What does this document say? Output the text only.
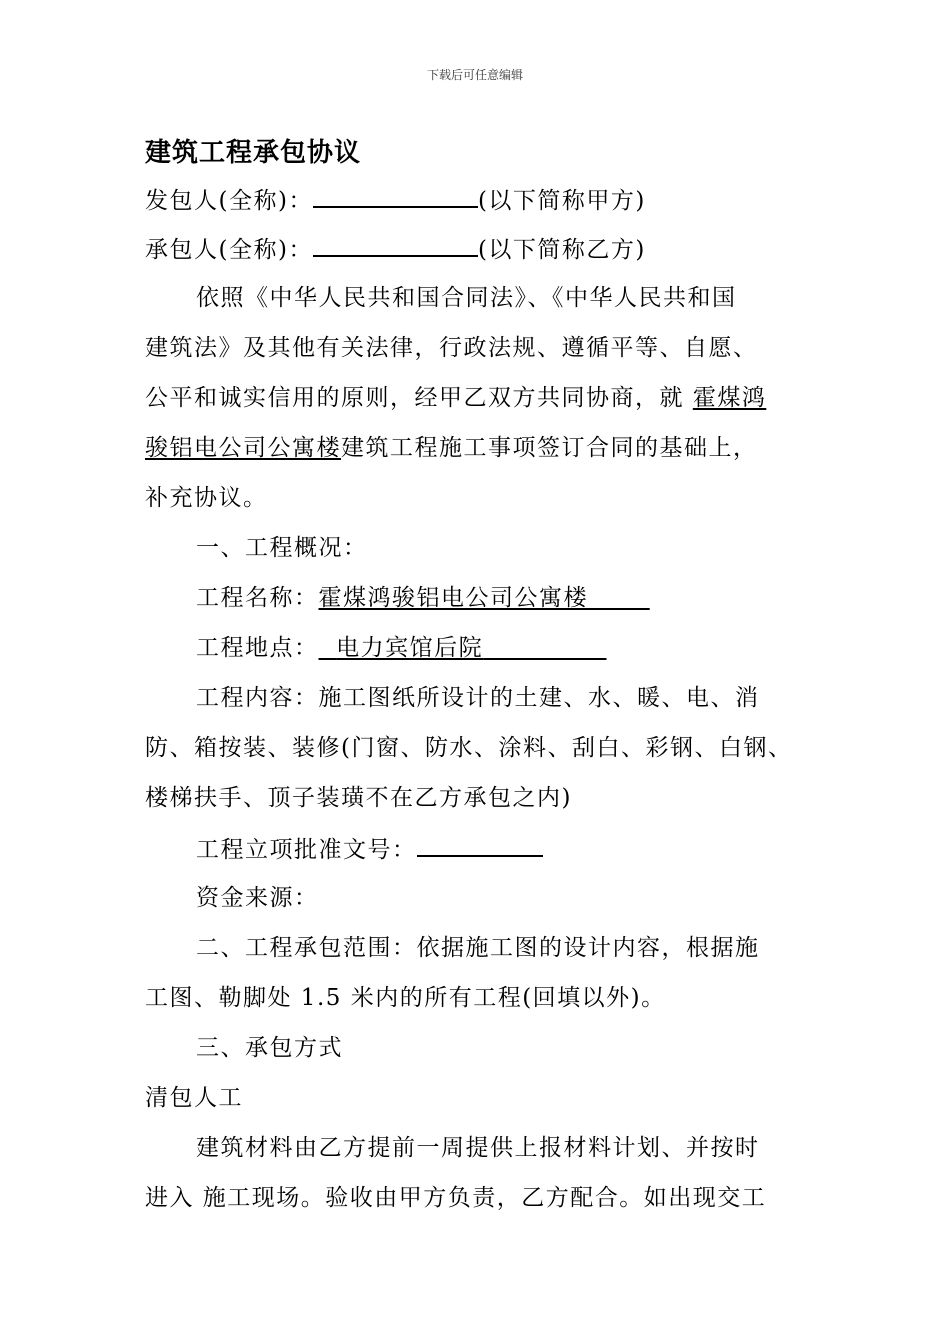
下载后可任意编辑
建筑工程承包协议
发包人(全称)：	(以下简称甲方)
承包人(全称)：	(以下简称乙方)
依照《中华人民共和国合同法》、《中华人民共和国
建筑法》及其他有关法律，行政法规、遵循平等、自愿、
公平和诚实信用的原则，经甲乙双方共同协商，就 霍煤鸿
骏铝电公司公寓楼建筑工程施工事项签订合同的基础上，
补充协议。
一、工程概况：
工程名称：霍煤鸿骏铝电公司公寓楼
工程地点： 电力宾馆后院
工程内容：施工图纸所设计的土建、水、暖、电、消
防、箱按装、装修(门窗、防水、涂料、刮白、彩钢、白钢、
楼梯扶手、顶子装璜不在乙方承包之内)
工程立项批准文号：
资金来源：
二、工程承包范围：依据施工图的设计内容，根据施
工图、勒脚处 1.5 米内的所有工程(回填以外)。
三、承包方式
清包人工
建筑材料由乙方提前一周提供上报材料计划、并按时
进入 施工现场。验收由甲方负责，乙方配合。如出现交工
